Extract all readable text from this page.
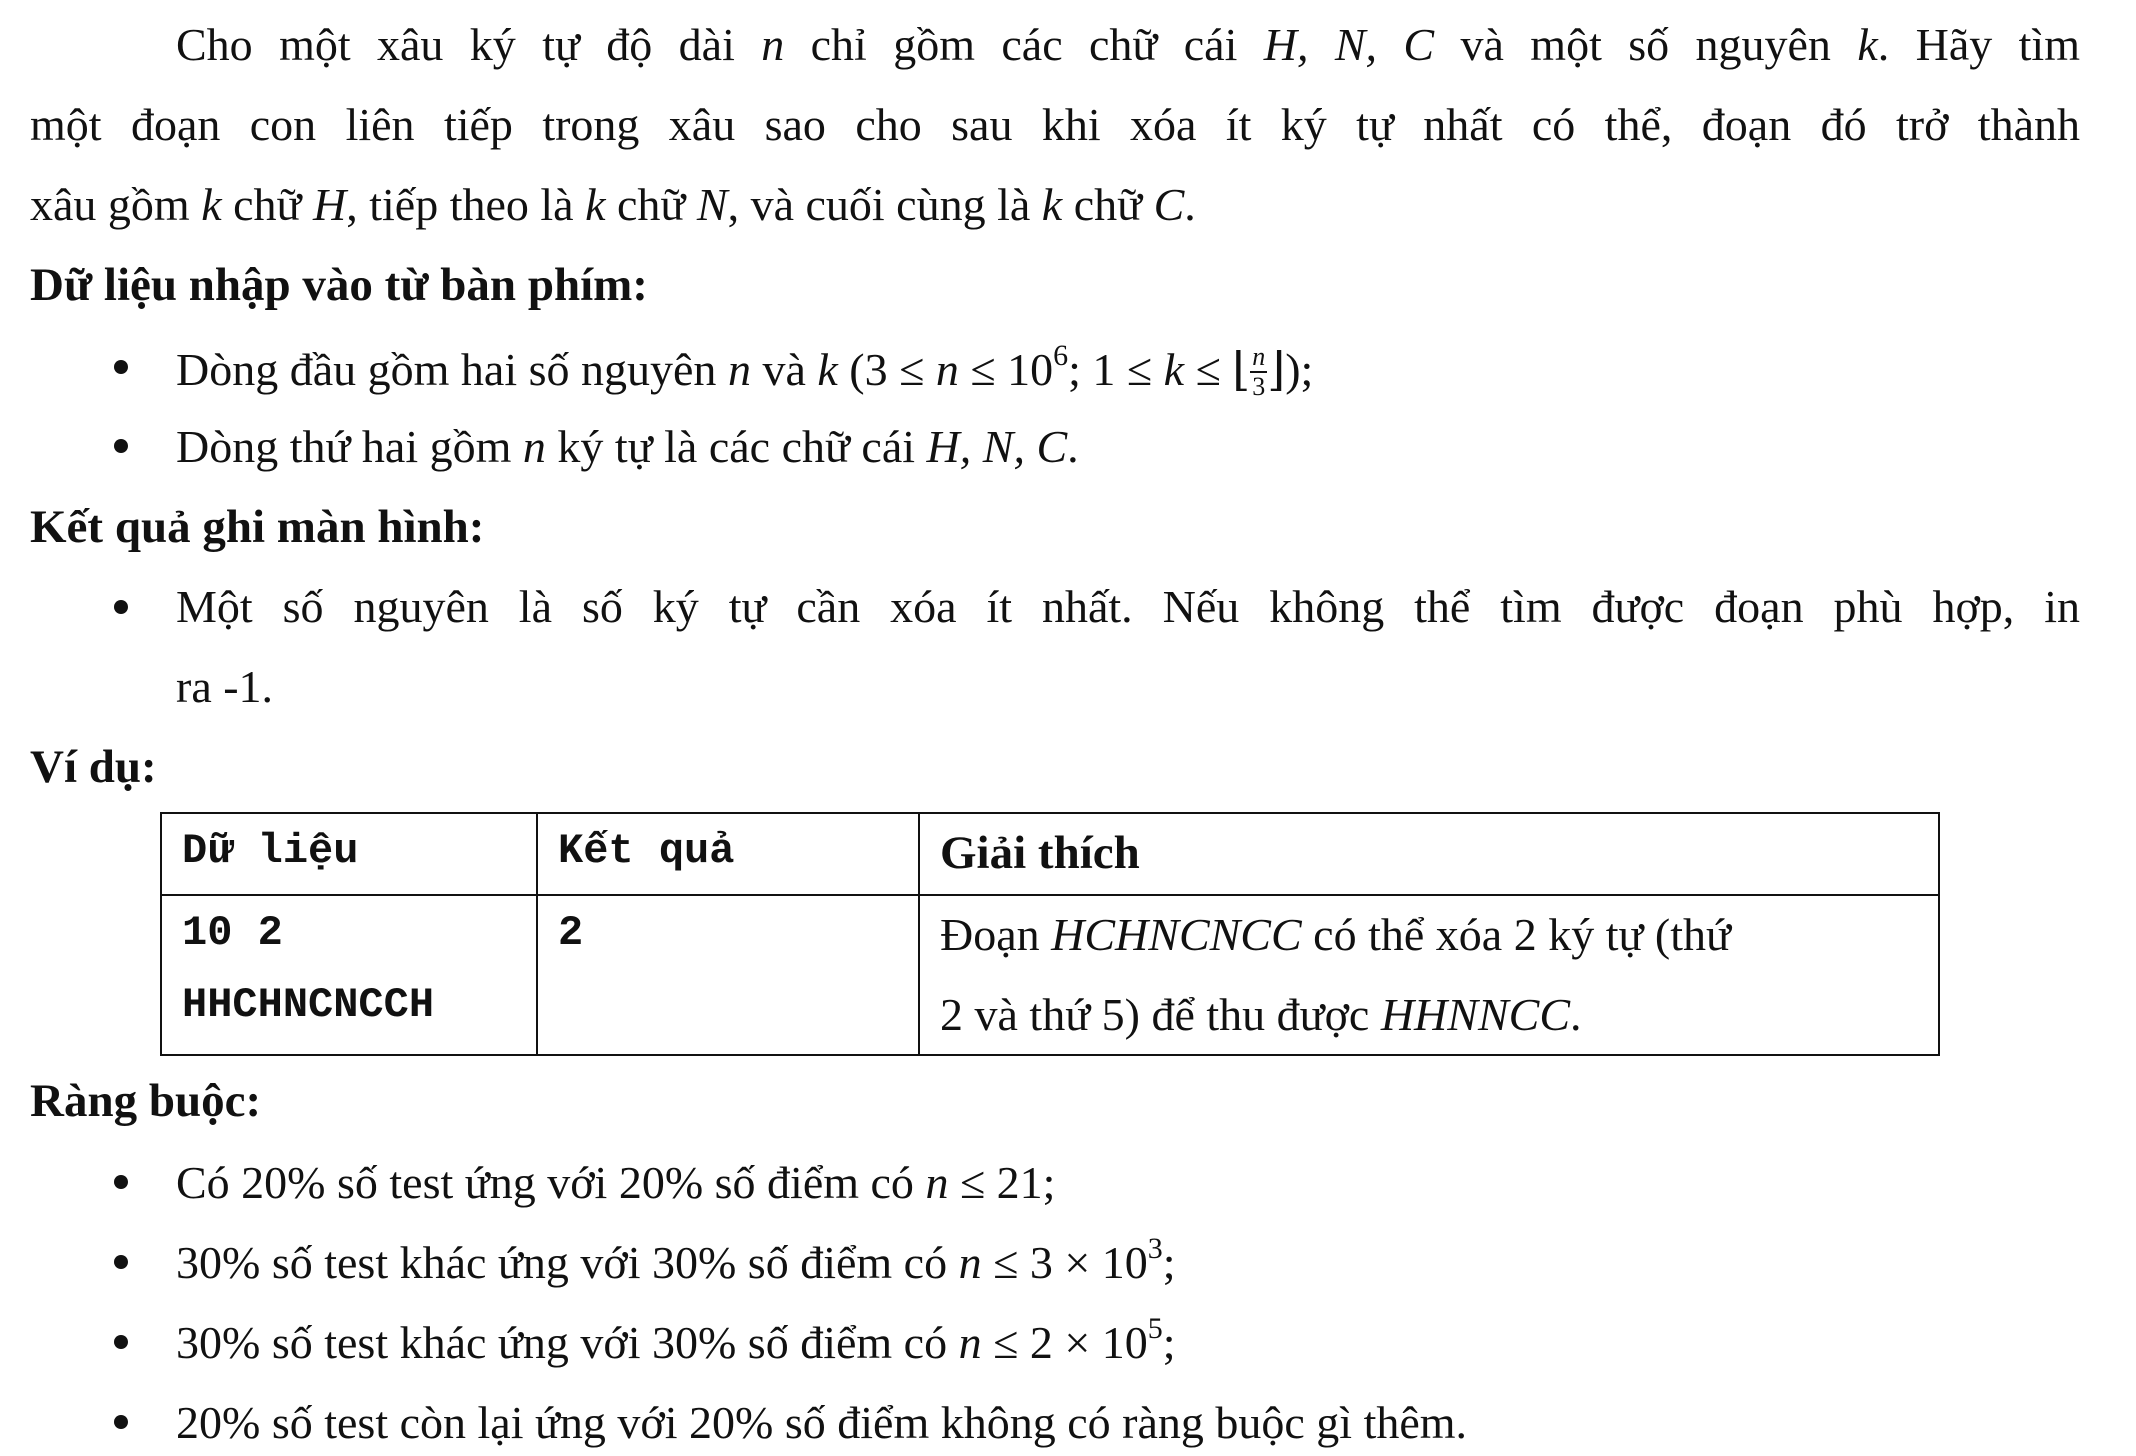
Cho một xâu ký tự độ dài n chỉ gồm các chữ cái H, N, C và một số nguyên k. Hãy tìm
một đoạn con liên tiếp trong xâu sao cho sau khi xóa ít ký tự nhất có thể, đoạn đó trở thành
xâu gồm k chữ H, tiếp theo là k chữ N, và cuối cùng là k chữ C.
Dữ liệu nhập vào từ bàn phím:
Dòng đầu gồm hai số nguyên n và k ($3 \le n \le 10^6$; 1 ≤ k ≤ ⌊ $\frac{n}{3}$ ⌋);
Dòng thứ hai gồm n ký tự là các chữ cái H, N, C.
Kết quả ghi màn hình:
Một số nguyên là số ký tự cần xóa ít nhất. Nếu không thể tìm được đoạn phù hợp, in
ra -1.
Ví dụ:
Dữ liệu	Kết quả	Giải thích

10 2
HHCHNCNCCH	2	Đoạn HCHNCNCC có thể xóa 2 ký tự (thứ
2 và thứ 5) để thu được HHNNCC.
Ràng buộc:
Có 20% số test ứng với 20% số điểm có n ≤ 21;
30% số test khác ứng với 30% số điểm có $n \le 3 \times 10^3$;
30% số test khác ứng với 30% số điểm có $n \le 2 \times 10^5$;
20% số test còn lại ứng với 20% số điểm không có ràng buộc gì thêm.
